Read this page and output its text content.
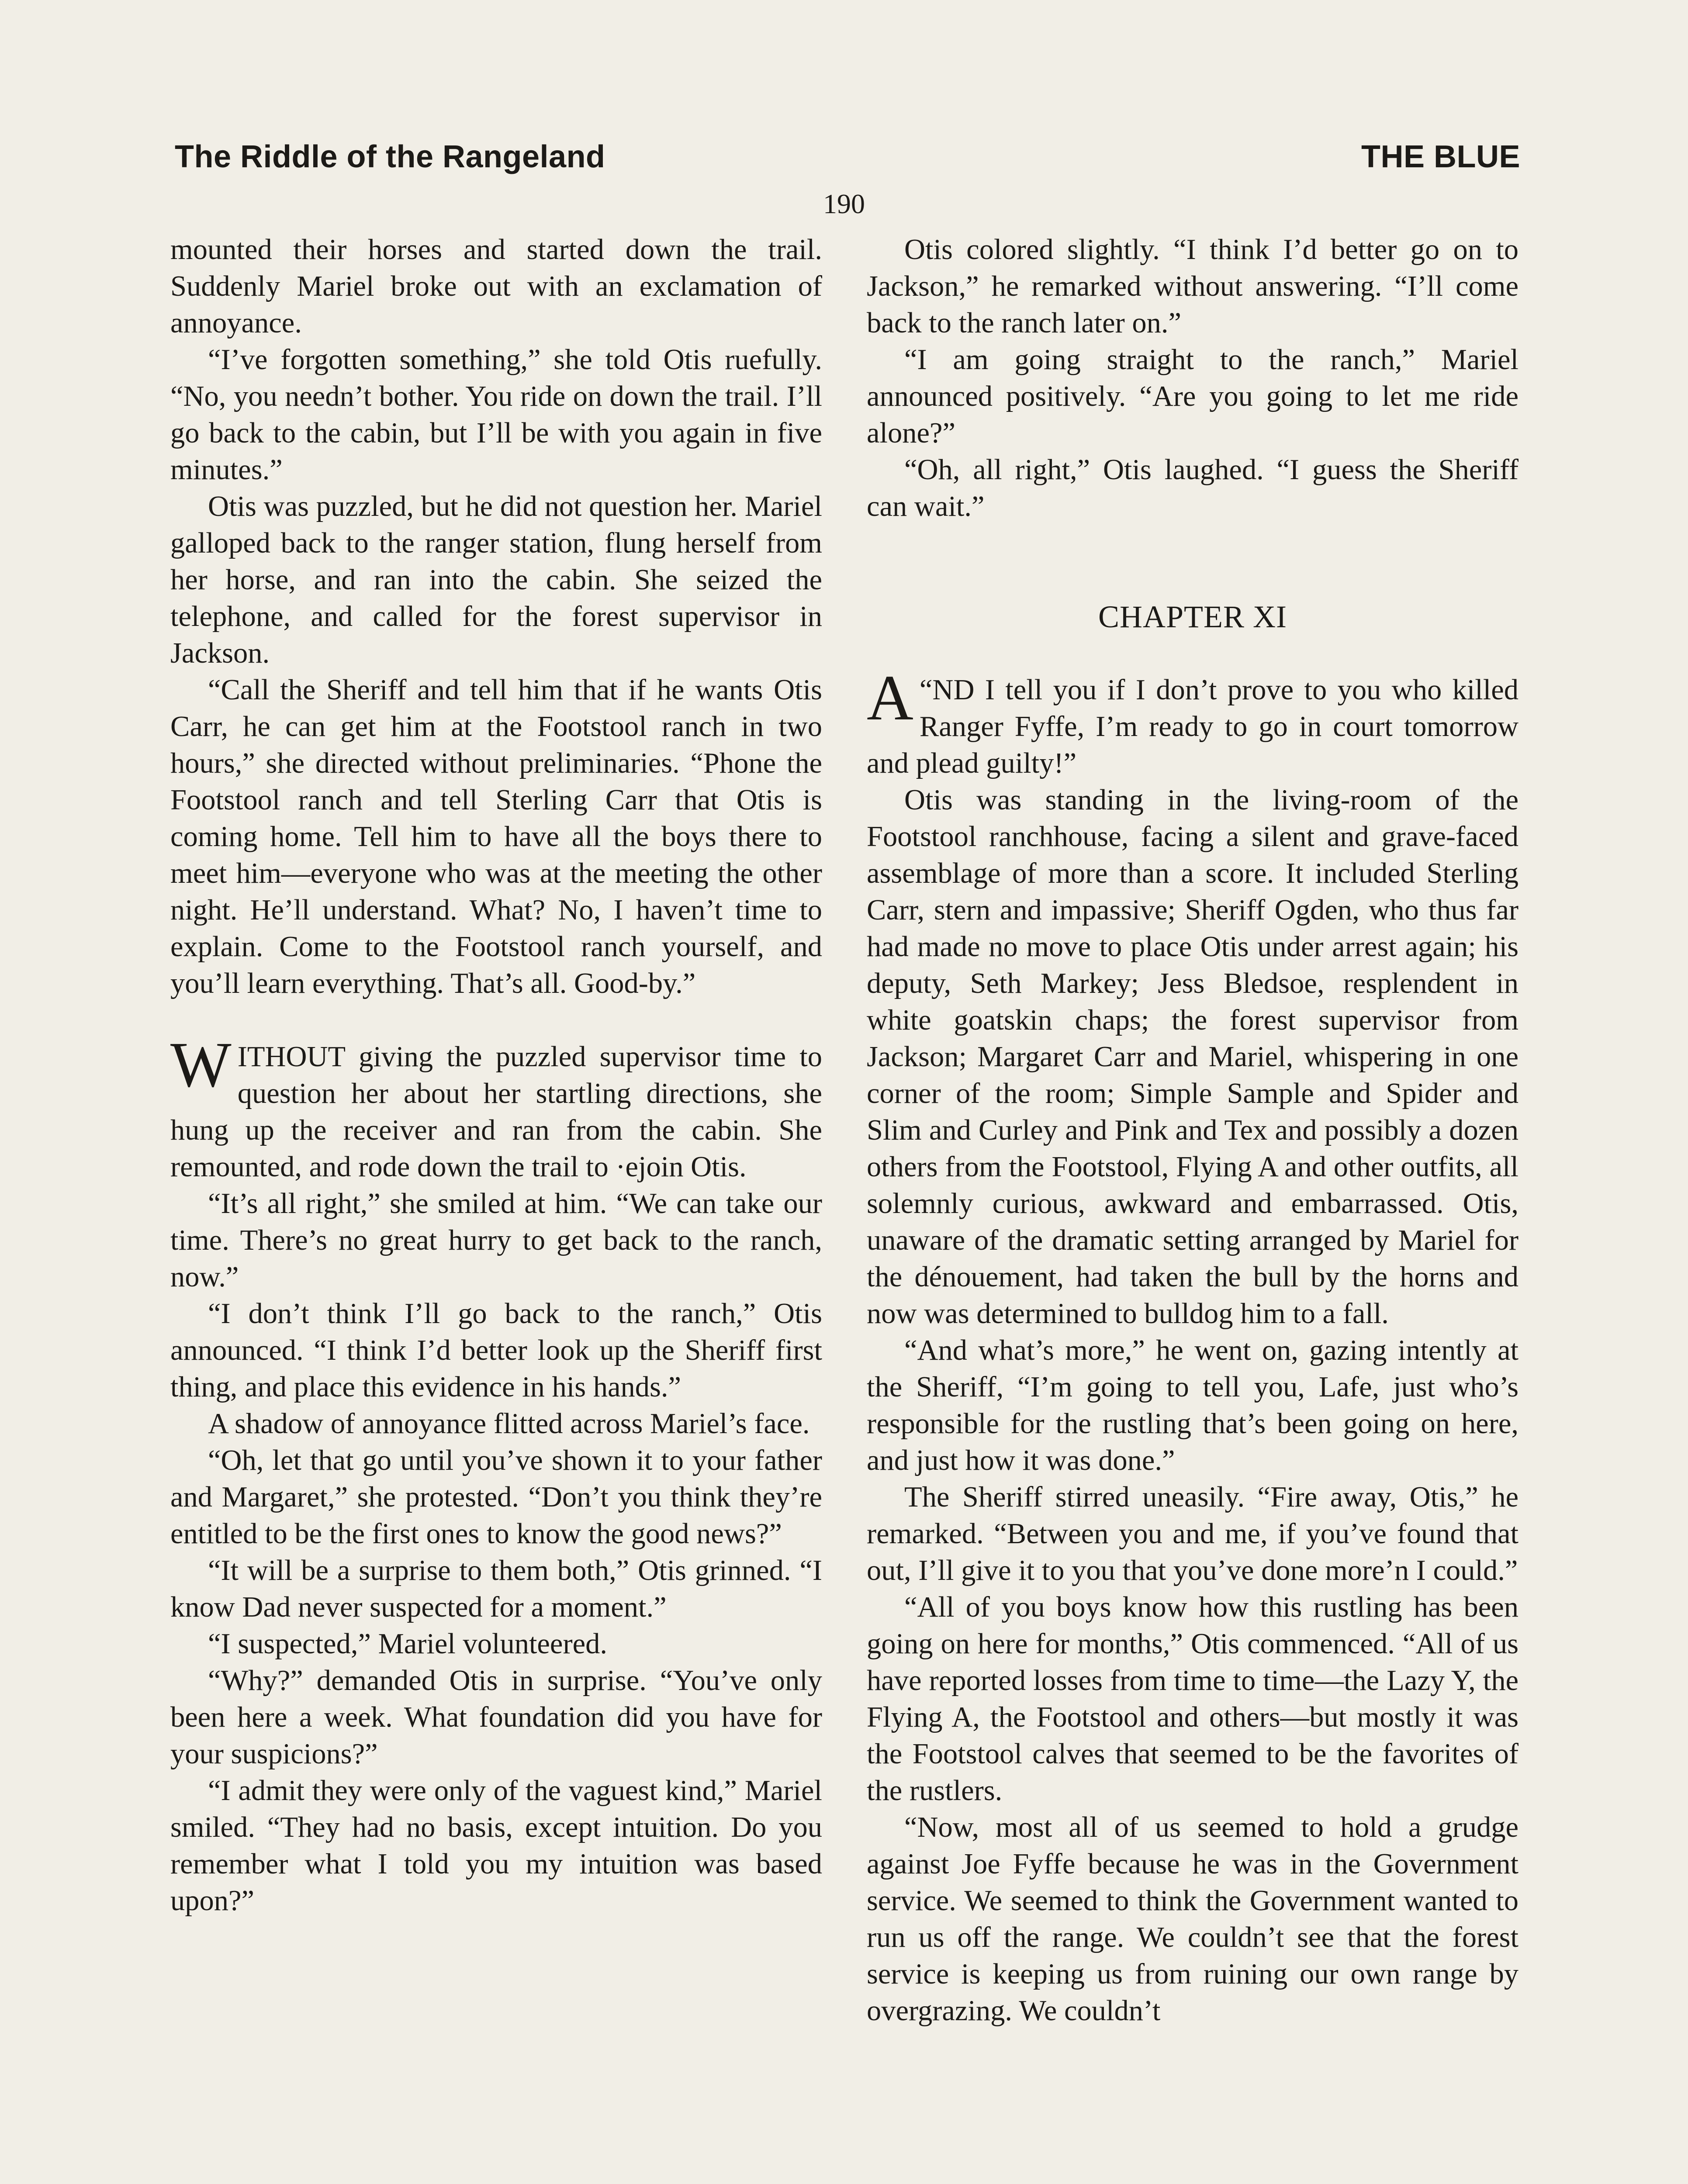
The Riddle of the Rangeland	THE BLUE
190

mounted their horses and started down the trail. Suddenly Mariel broke out with an exclamation of annoyance.

“I’ve forgotten something,” she told Otis ruefully. “No, you needn’t bother. You ride on down the trail. I’ll go back to the cabin, but I’ll be with you again in five minutes.”

Otis was puzzled, but he did not question her. Mariel galloped back to the ranger station, flung herself from her horse, and ran into the cabin. She seized the telephone, and called for the forest supervisor in Jackson.

“Call the Sheriff and tell him that if he wants Otis Carr, he can get him at the Footstool ranch in two hours,” she directed without preliminaries. “Phone the Footstool ranch and tell Sterling Carr that Otis is coming home. Tell him to have all the boys there to meet him—everyone who was at the meeting the other night. He’ll understand. What? No, I haven’t time to explain. Come to the Footstool ranch yourself, and you’ll learn everything. That’s all. Good-by.”

WITHOUT giving the puzzled supervisor time to question her about her startling directions, she hung up the receiver and ran from the cabin. She remounted, and rode down the trail to ·ejoin Otis.

“It’s all right,” she smiled at him. “We can take our time. There’s no great hurry to get back to the ranch, now.”

“I don’t think I’ll go back to the ranch,” Otis announced. “I think I’d better look up the Sheriff first thing, and place this evidence in his hands.”

A shadow of annoyance flitted across Mariel’s face.

“Oh, let that go until you’ve shown it to your father and Margaret,” she protested. “Don’t you think they’re entitled to be the first ones to know the good news?”

“It will be a surprise to them both,” Otis grinned. “I know Dad never suspected for a moment.”

“I suspected,” Mariel volunteered.

“Why?” demanded Otis in surprise. “You’ve only been here a week. What foundation did you have for your suspicions?”

“I admit they were only of the vaguest kind,” Mariel smiled. “They had no basis, except intuition. Do you remember what I told you my intuition was based upon?”

Otis colored slightly. “I think I’d better go on to Jackson,” he remarked without answering. “I’ll come back to the ranch later on.”

“I am going straight to the ranch,” Mariel announced positively. “Are you going to let me ride alone?”

“Oh, all right,” Otis laughed. “I guess the Sheriff can wait.”

CHAPTER XI

“
A ND I tell you if I don’t prove to you who killed Ranger Fyffe, I’m ready to go in court tomorrow and plead guilty!”

Otis was standing in the living-room of the Footstool ranchhouse, facing a silent and grave-faced assemblage of more than a score. It included Sterling Carr, stern and impassive; Sheriff Ogden, who thus far had made no move to place Otis under arrest again; his deputy, Seth Markey; Jess Bledsoe, resplendent in white goatskin chaps; the forest supervisor from Jackson; Margaret Carr and Mariel, whispering in one corner of the room; Simple Sample and Spider and Slim and Curley and Pink and Tex and possibly a dozen others from the Footstool, Flying A and other outfits, all solemnly curious, awkward and embarrassed. Otis, unaware of the dramatic setting arranged by Mariel for the dénouement, had taken the bull by the horns and now was determined to bulldog him to a fall.

“And what’s more,” he went on, gazing intently at the Sheriff, “I’m going to tell you, Lafe, just who’s responsible for the rustling that’s been going on here, and just how it was done.”

The Sheriff stirred uneasily. “Fire away, Otis,” he remarked. “Between you and me, if you’ve found that out, I’ll give it to you that you’ve done more’n I could.”

“All of you boys know how this rustling has been going on here for months,” Otis commenced. “All of us have reported losses from time to time—the Lazy Y, the Flying A, the Footstool and others—but mostly it was the Footstool calves that seemed to be the favorites of the rustlers.

“Now, most all of us seemed to hold a grudge against Joe Fyffe because he was in the Government service. We seemed to think the Government wanted to run us off the range. We couldn’t see that the forest service is keeping us from ruining our own range by overgrazing. We couldn’t
